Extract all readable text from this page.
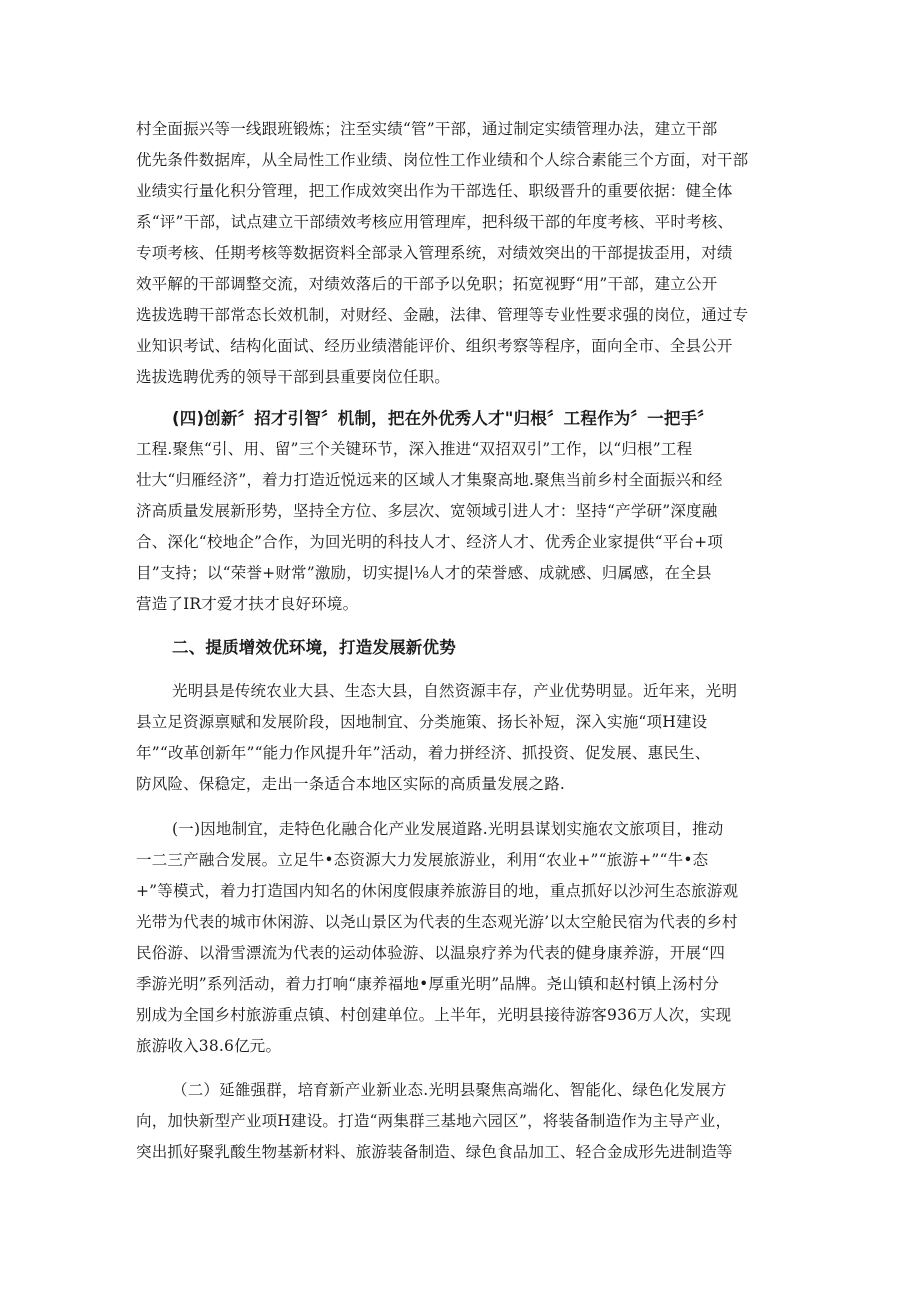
村全面振兴等一线跟班锻炼；注至实绩“管”干部，通过制定实绩管理办法，建立干部
优先条件数据库，从全局性工作业绩、岗位性工作业绩和个人综合素能三个方面，对干部
业绩实行量化积分管理，把工作成效突出作为干部选任、职级晋升的重要依据：健全体
系“评”干部，试点建立干部绩效考核应用管理库，把科级干部的年度考核、平时考核、
专项考核、任期考核等数据资料全部录入管理系统，对绩效突出的干部提拔歪用，对绩
效平解的干部调整交流，对绩效落后的干部予以免职；拓宽视野“用”干部，建立公开
选拔选聘干部常态长效机制，对财经、金融，法律、管理等专业性要求强的岗位，通过专
业知识考试、结构化面试、经历业绩潜能评价、组织考察等程序，面向全市、全县公开
选拔选聘优秀的领导干部到县重要岗位任职。
(四)创新〞招才引智〞机制，把在外优秀人才"归根〞工程作为〞一把手〞
工程.聚焦“引、用、留”三个关键环节，深入推进“双招双引”工作，以“归根”工程
壮大“归雁经济”，着力打造近悦远来的区域人才集聚高地.聚焦当前乡村全面振兴和经
济高质量发展新形势，坚持全方位、多层次、宽领域引进人才：坚持“产学研”深度融
合、深化“校地企”合作，为回光明的科技人才、经济人才、优秀企业家提供“平台+项
目”支持；以“荣誉+财常”激励，切实提∣⅛人才的荣誉感、成就感、归属感，在全县
营造了IR才爱才扶才良好环境。
二、提质增效优环境，打造发展新优势
光明县是传统农业大县、生态大县，自然资源丰存，产业优势明显。近年来，光明
县立足资源禀赋和发展阶段，因地制宜、分类施策、扬长补短，深入实施“项H建设
年”“改革创新年”“能力作风提升年”活动，着力拼经济、抓投资、促发展、惠民生、
防风险、保稳定，走出一条适合本地区实际的高质量发展之路.
(一)因地制宜，走特色化融合化产业发展道路.光明县谋划实施农文旅项目，推动
一二三产融合发展。立足牛•态资源大力发展旅游业，利用“农业+”“旅游+”“牛•态
+”等模式，着力打造国内知名的休闲度假康养旅游目的地，重点抓好以沙河生态旅游观
光带为代表的城市休闲游、以尧山景区为代表的生态观光游’以太空舱民宿为代表的乡村
民俗游、以滑雪漂流为代表的运动体验游、以温泉疗养为代表的健身康养游，开展“四
季游光明”系列活动，着力打响“康养福地•厚重光明”品牌。尧山镇和赵村镇上汤村分
别成为全国乡村旅游重点镇、村创建单位。上半年，光明县接待游客936万人次，实现
旅游收入38.6亿元。
（二）延雒强群，培育新产业新业态.光明县聚焦高端化、智能化、绿色化发展方
向，加快新型产业项H建设。打造“两集群三基地六园区”，将装备制造作为主导产业，
突出抓好聚乳酸生物基新材料、旅游装备制造、绿色食品加工、轻合金成形先进制造等
